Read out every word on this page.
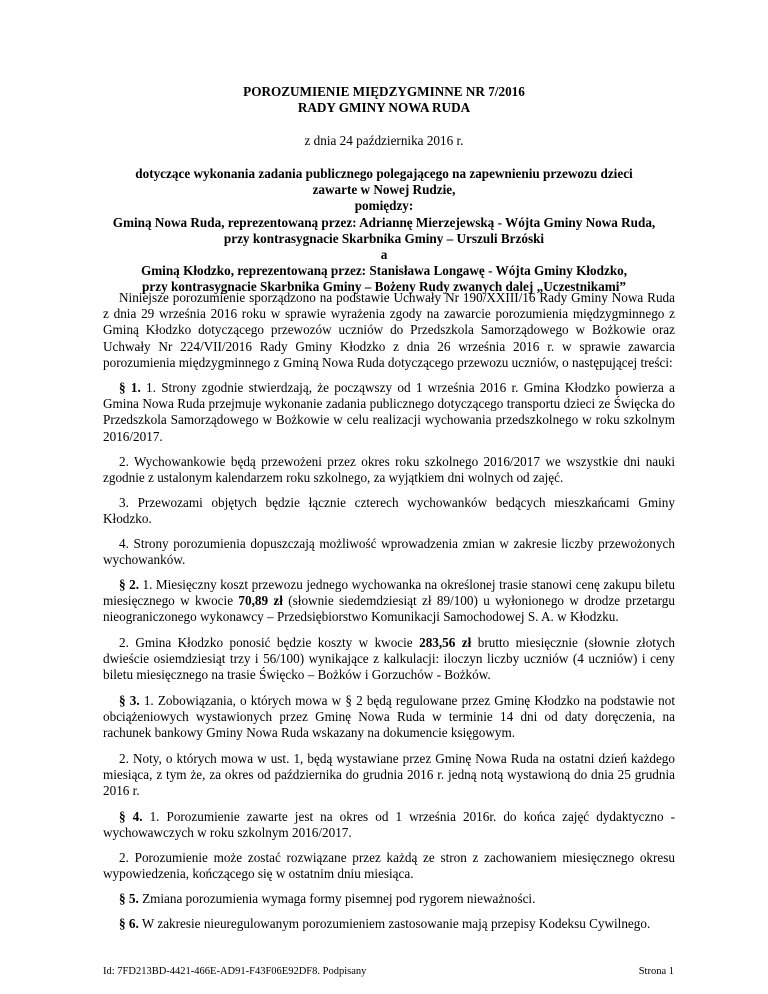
POROZUMIENIE MIĘDZYGMINNE NR 7/2016
RADY GMINY NOWA RUDA
z dnia 24 października 2016 r.
dotyczące wykonania zadania publicznego polegającego na zapewnieniu przewozu dzieci
zawarte w Nowej Rudzie,
pomiędzy:
Gminą Nowa Ruda, reprezentowaną przez: Adriannę Mierzejewską - Wójta Gminy Nowa Ruda,
przy kontrasygnacie Skarbnika Gminy – Urszuli Brzóski
a
Gminą Kłodzko, reprezentowaną przez: Stanisława Longawę - Wójta Gminy Kłodzko,
przy kontrasygnacie Skarbnika Gminy – Bożeny Rudy zwanych dalej „Uczestnikami”
Niniejsze porozumienie sporządzono na podstawie Uchwały Nr 190/XXIII/16 Rady Gminy Nowa Ruda z dnia 29 września 2016 roku w sprawie wyrażenia zgody na zawarcie porozumienia międzygminnego z Gminą Kłodzko dotyczącego przewozów uczniów do Przedszkola Samorządowego w Bożkowie oraz Uchwały Nr 224/VII/2016 Rady Gminy Kłodzko z dnia 26 września 2016 r. w sprawie zawarcia porozumienia międzygminnego z Gminą Nowa Ruda dotyczącego przewozu uczniów, o następującej treści:
§ 1. 1. Strony zgodnie stwierdzają, że począwszy od 1 września 2016 r. Gmina Kłodzko powierza a Gmina Nowa Ruda przejmuje wykonanie zadania publicznego dotyczącego transportu dzieci ze Święcka do Przedszkola Samorządowego w Bożkowie w celu realizacji wychowania przedszkolnego w roku szkolnym 2016/2017.
2. Wychowankowie będą przewożeni przez okres roku szkolnego 2016/2017 we wszystkie dni nauki zgodnie z ustalonym kalendarzem roku szkolnego, za wyjątkiem dni wolnych od zajęć.
3. Przewozami objętych będzie łącznie czterech wychowanków bedących mieszkańcami Gminy Kłodzko.
4. Strony porozumienia dopuszczają możliwość wprowadzenia zmian w zakresie liczby przewożonych wychowanków.
§ 2. 1. Miesięczny koszt przewozu jednego wychowanka na określonej trasie stanowi cenę zakupu biletu miesięcznego w kwocie 70,89 zł (słownie siedemdziesiąt zł 89/100) u wyłonionego w drodze przetargu nieograniczonego wykonawcy – Przedsiębiorstwo Komunikacji Samochodowej S. A. w Kłodzku.
2. Gmina Kłodzko ponosić będzie koszty w kwocie 283,56 zł brutto miesięcznie (słownie złotych dwieście osiemdziesiąt trzy i 56/100) wynikające z kalkulacji: iloczyn liczby uczniów (4 uczniów) i ceny biletu miesięcznego na trasie Święcko – Bożków i Gorzuchów - Bożków.
§ 3. 1. Zobowiązania, o których mowa w § 2 będą regulowane przez Gminę Kłodzko na podstawie not obciążeniowych wystawionych przez Gminę Nowa Ruda w terminie 14 dni od daty doręczenia, na rachunek bankowy Gminy Nowa Ruda wskazany na dokumencie księgowym.
2. Noty, o których mowa w ust. 1, będą wystawiane przez Gminę Nowa Ruda na ostatni dzień każdego miesiąca, z tym że, za okres od października do grudnia 2016 r. jedną notą wystawioną do dnia 25 grudnia 2016 r.
§ 4. 1. Porozumienie zawarte jest na okres od 1 września 2016r. do końca zajęć dydaktyczno - wychowawczych w roku szkolnym 2016/2017.
2. Porozumienie może zostać rozwiązane przez każdą ze stron z zachowaniem miesięcznego okresu wypowiedzenia, kończącego się w ostatnim dniu miesiąca.
Id: 7FD213BD-4421-466E-AD91-F43F06E92DF8. Podpisany	Strona 1
§ 5. Zmiana porozumienia wymaga formy pisemnej pod rygorem nieważności.
§ 6. W zakresie nieuregulowanym porozumieniem zastosowanie mają przepisy Kodeksu Cywilnego.
